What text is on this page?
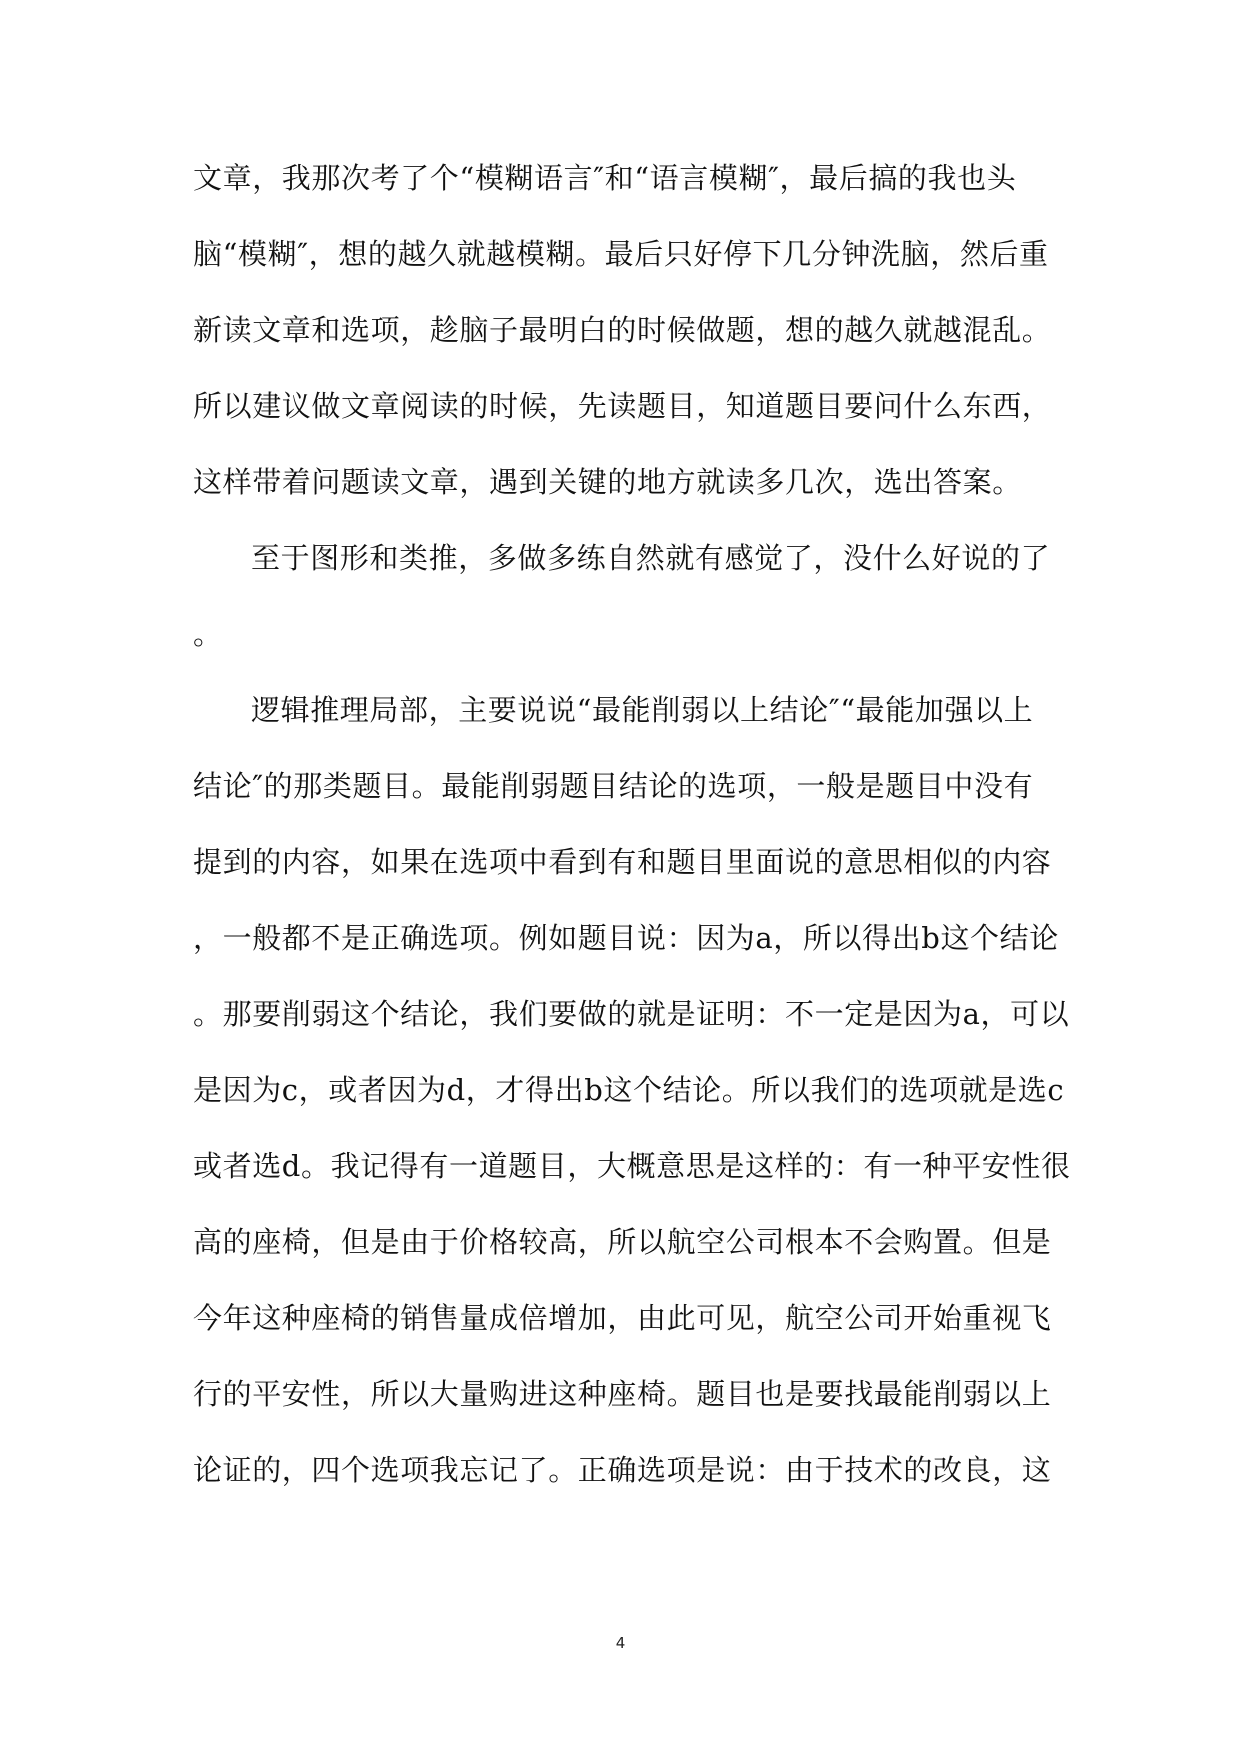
文章，我那次考了个“模糊语言″和“语言模糊″，最后搞的我也头
脑“模糊″，想的越久就越模糊。最后只好停下几分钟洗脑，然后重
新读文章和选项，趁脑子最明白的时候做题，想的越久就越混乱。
所以建议做文章阅读的时候，先读题目，知道题目要问什么东西，
这样带着问题读文章，遇到关键的地方就读多几次，选出答案。
至于图形和类推，多做多练自然就有感觉了，没什么好说的了
。
逻辑推理局部，主要说说“最能削弱以上结论″“最能加强以上
结论″的那类题目。最能削弱题目结论的选项，一般是题目中没有
提到的内容，如果在选项中看到有和题目里面说的意思相似的内容
，一般都不是正确选项。例如题目说：因为a，所以得出b这个结论
。那要削弱这个结论，我们要做的就是证明：不一定是因为a，可以
是因为c，或者因为d，才得出b这个结论。所以我们的选项就是选c
或者选d。我记得有一道题目，大概意思是这样的：有一种平安性很
高的座椅，但是由于价格较高，所以航空公司根本不会购置。但是
今年这种座椅的销售量成倍增加，由此可见，航空公司开始重视飞
行的平安性，所以大量购进这种座椅。题目也是要找最能削弱以上
论证的，四个选项我忘记了。正确选项是说：由于技术的改良，这
4
